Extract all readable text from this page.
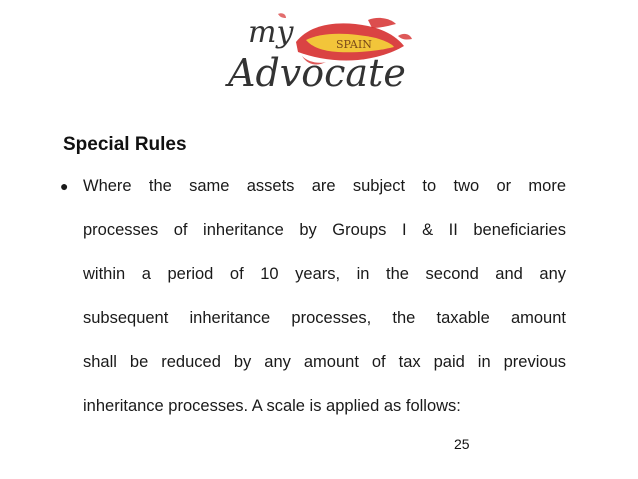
SPAIN
my
Advocate
Special Rules
● Where the same assets are subject to two or more
processes of inheritance by Groups I & II beneficiaries
within a period of 10 years, in the second and any
subsequent inheritance processes, the taxable amount
shall be reduced by any amount of tax paid in previous
inheritance processes. A scale is applied as follows:
25
